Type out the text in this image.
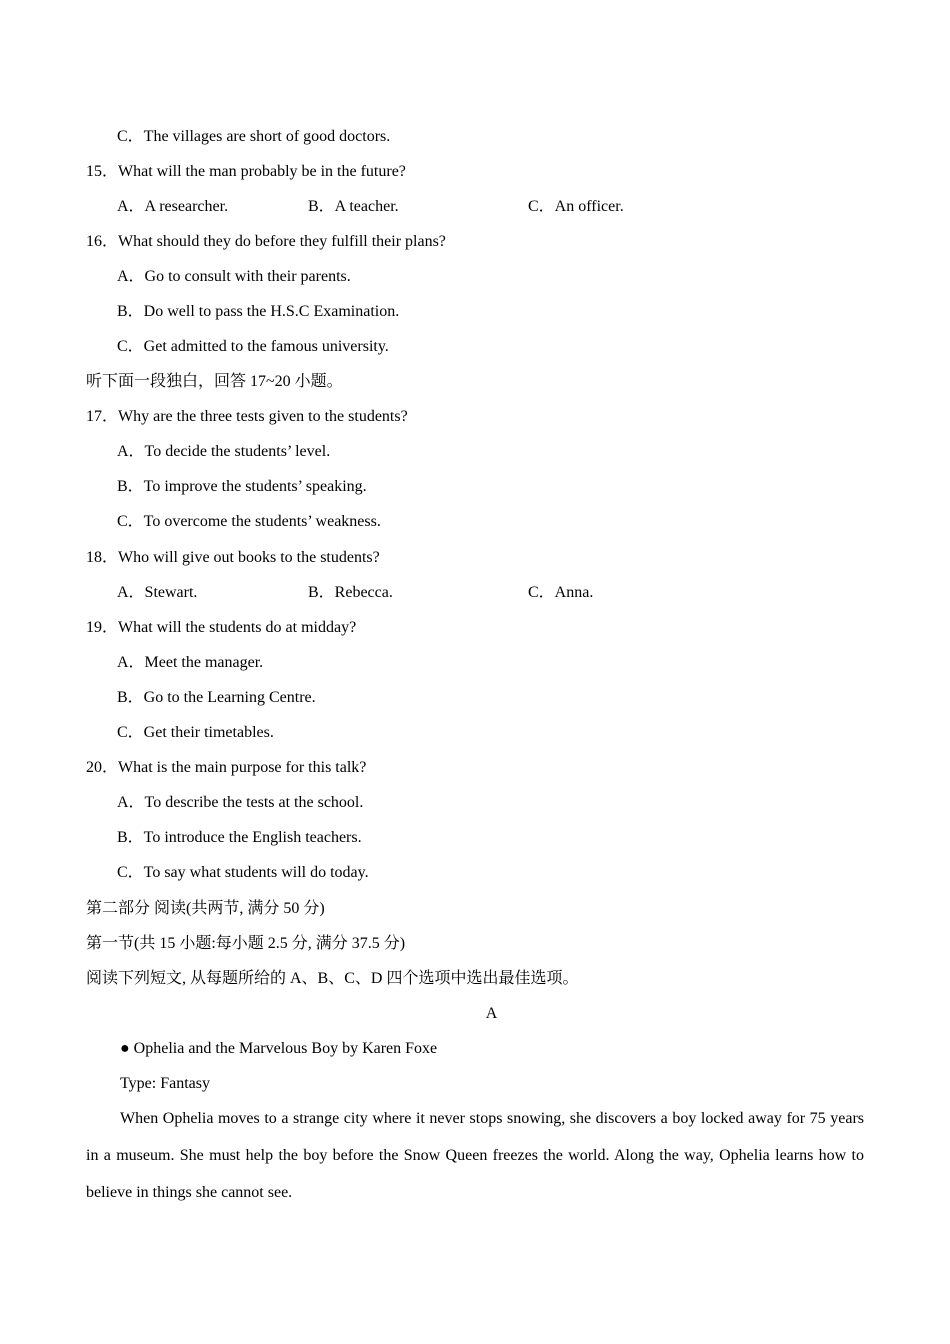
C．The villages are short of good doctors.
15．What will the man probably be in the future?
A．A researcher.	B．A teacher.	C．An officer.
16．What should they do before they fulfill their plans?
A．Go to consult with their parents.
B．Do well to pass the H.S.C Examination.
C．Get admitted to the famous university.
听下面一段独白，回答 17~20 小题。
17．Why are the three tests given to the students?
A．To decide the students’ level.
B．To improve the students’ speaking.
C．To overcome the students’ weakness.
18．Who will give out books to the students?
A．Stewart.	B．Rebecca.	C．Anna.
19．What will the students do at midday?
A．Meet the manager.
B．Go to the Learning Centre.
C．Get their timetables.
20．What is the main purpose for this talk?
A．To describe the tests at the school.
B．To introduce the English teachers.
C．To say what students will do today.
第二部分 阅读(共两节, 满分 50 分)
第一节(共 15 小题:每小题 2.5 分, 满分 37.5 分)
阅读下列短文, 从每题所给的 A、B、C、D 四个选项中选出最佳选项。
A
● Ophelia and the Marvelous Boy by Karen Foxe
Type: Fantasy
When Ophelia moves to a strange city where it never stops snowing, she discovers a boy locked away for 75 years in a museum. She must help the boy before the Snow Queen freezes the world. Along the way, Ophelia learns how to believe in things she cannot see.
